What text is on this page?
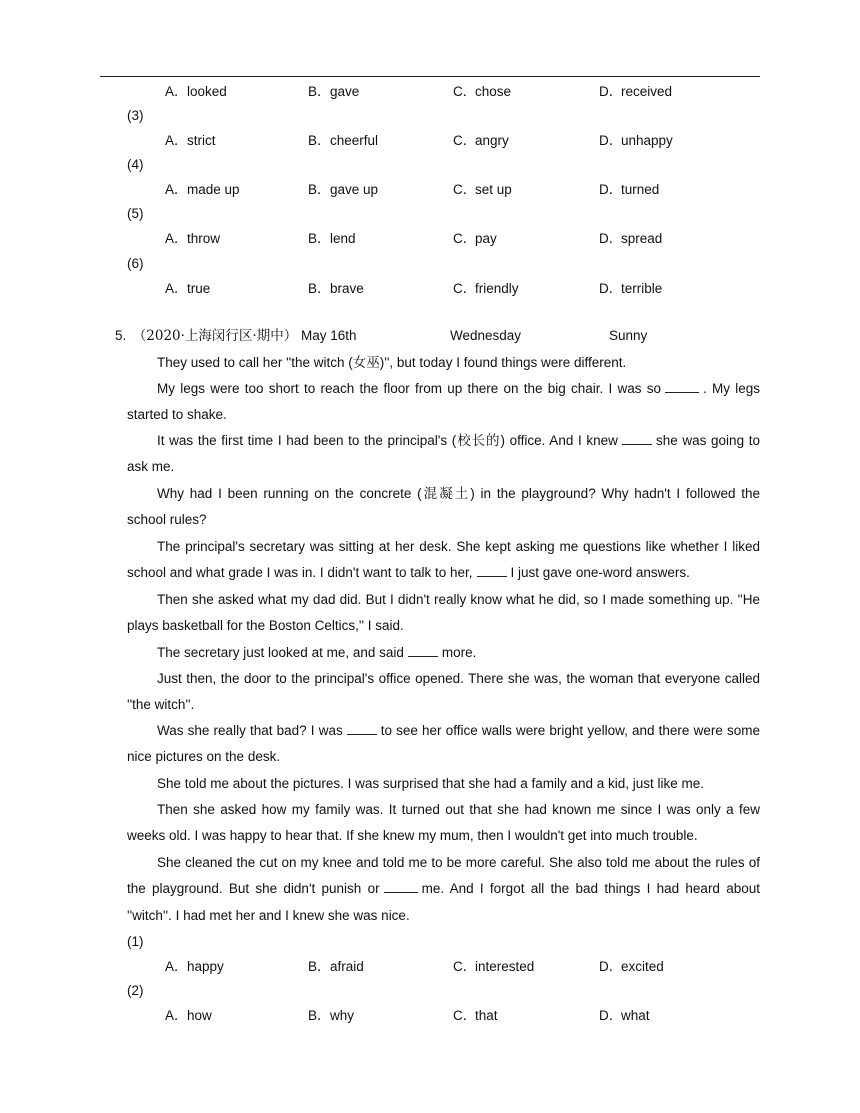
A．looked	B．gave	C．chose	D．received
(3)
A．strict	B．cheerful	C．angry	D．unhappy
(4)
A．made up	B．gave up	C．set up	D．turned
(5)
A．throw	B．lend	C．pay	D．spread
(6)
A．true	B．brave	C．friendly	D．terrible
5. （2020·上海闵行区·期中） May 16th	Wednesday	Sunny
They used to call her ''the witch (女巫)'', but today I found things were different.
My legs were too short to reach the floor from up there on the big chair. I was so	. My legs started to shake.
It was the first time I had been to the principal's (校长的) office. And I knew	she was going to ask me.
Why had I been running on the concrete (混凝土) in the playground? Why hadn't I followed the school rules?
The principal's secretary was sitting at her desk. She kept asking me questions like whether I liked school and what grade I was in. I didn't want to talk to her,	I just gave one-word answers.
Then she asked what my dad did. But I didn't really know what he did, so I made something up. ''He plays basketball for the Boston Celtics,'' I said.
The secretary just looked at me, and said	more.
Just then, the door to the principal's office opened. There she was, the woman that everyone called ''the witch''.
Was she really that bad? I was	to see her office walls were bright yellow, and there were some nice pictures on the desk.
She told me about the pictures. I was surprised that she had a family and a kid, just like me.
Then she asked how my family was. It turned out that she had known me since I was only a few weeks old. I was happy to hear that. If she knew my mum, then I wouldn't get into much trouble.
She cleaned the cut on my knee and told me to be more careful. She also told me about the rules of the playground. But she didn't punish or	me. And I forgot all the bad things I had heard about ''witch''. I had met her and I knew she was nice.
(1)
A．happy	B．afraid	C．interested	D．excited
(2)
A．how	B．why	C．that	D．what
